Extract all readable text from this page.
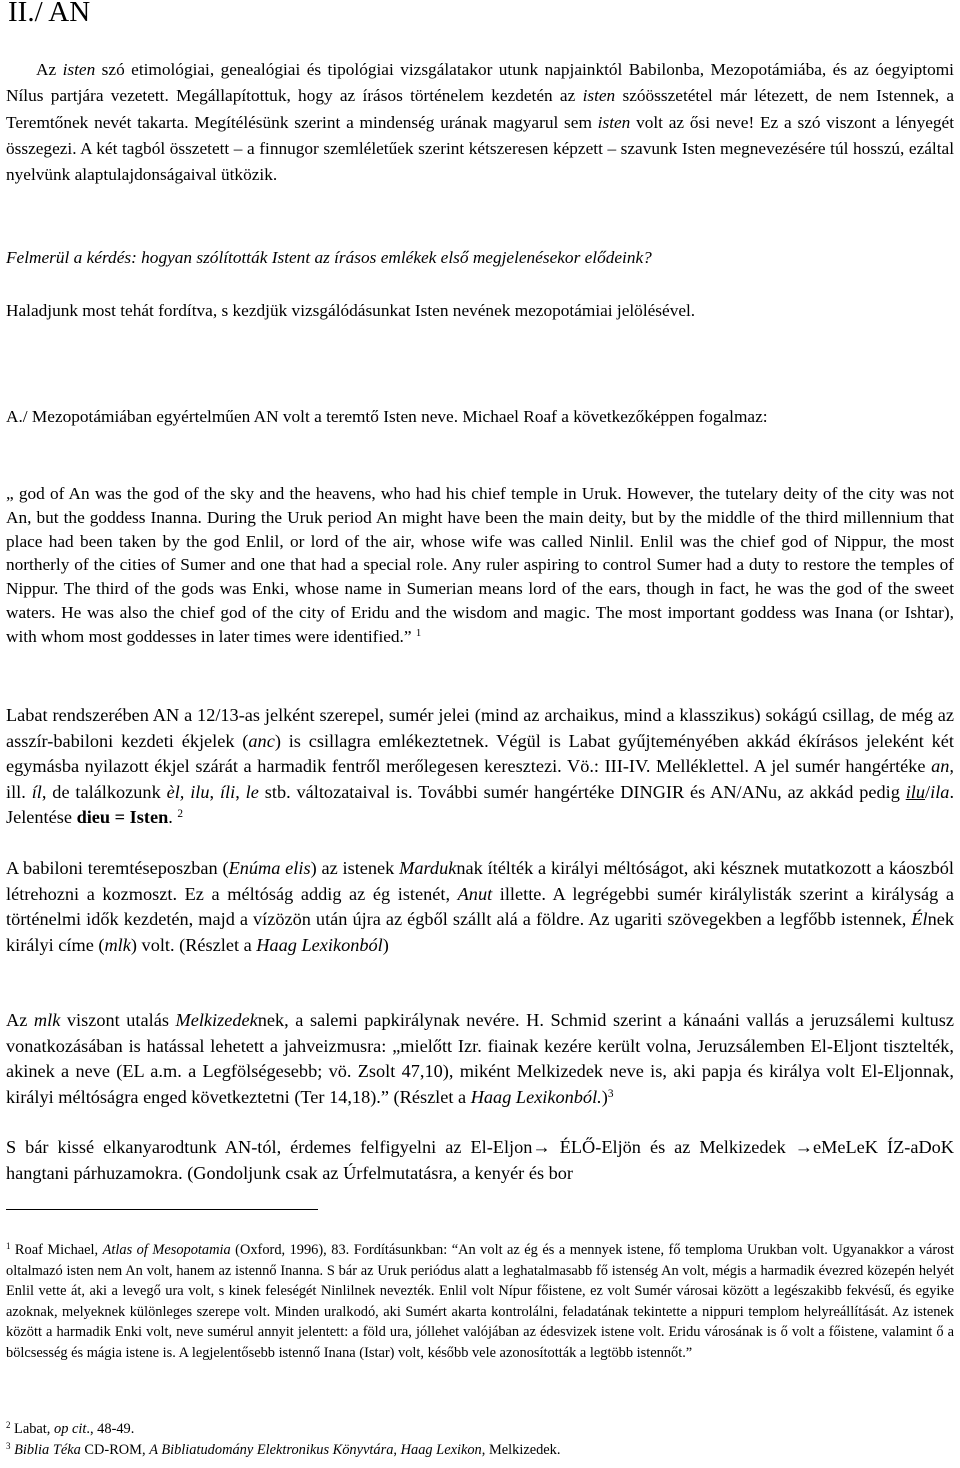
II./ AN

Az isten szó etimológiai, genealógiai és tipológiai vizsgálatakor utunk napjainktól Babilonba, Mezopotámiába, és az óegyiptomi Nílus partjára vezetett. Megállapítottuk, hogy az írásos történelem kezdetén az isten szóösszetétel már létezett, de nem Istennek, a Teremtőnek nevét takarta. Megítélésünk szerint a mindenség urának magyarul sem isten volt az ősi neve! Ez a szó viszont a lényegét összegezi. A két tagból összetett – a finnugor szemléletűek szerint kétszeresen képzett – szavunk Isten megnevezésére túl hosszú, ezáltal nyelvünk alaptulajdonságaival ütközik.

Felmerül a kérdés: hogyan szólították Istent az írásos emlékek első megjelenésekor elődeink?

Haladjunk most tehát fordítva, s kezdjük vizsgálódásunkat Isten nevének mezopotámiai jelölésével.

A./ Mezopotámiában egyértelműen AN volt a teremtő Isten neve. Michael Roaf a következőképpen fogalmaz:

„ god of An was the god of the sky and the heavens, who had his chief temple in Uruk. However, the tutelary deity of the city was not An, but the goddess Inanna. During the Uruk period An might have been the main deity, but by the middle of the third millennium that place had been taken by the god Enlil, or lord of the air, whose wife was called Ninlil. Enlil was the chief god of Nippur, the most northerly of the cities of Sumer and one that had a special role. Any ruler aspiring to control Sumer had a duty to restore the temples of Nippur. The third of the gods was Enki, whose name in Sumerian means lord of the ears, though in fact, he was the god of the sweet waters. He was also the chief god of the city of Eridu and the wisdom and magic. The most important goddess was Inana (or Ishtar), with whom most goddesses in later times were identified.” $^1$

Labat rendszerében AN a 12/13-as jelként szerepel, sumér jelei (mind az archaikus, mind a klasszikus) sokágú csillag, de még az asszír-babiloni kezdeti ékjelek (anc) is csillagra emlékeztetnek. Végül is Labat gyűjteményében akkád ékírásos jeleként két egymásba nyilazott ékjel szárát a harmadik fentről merőlegesen keresztezi. Vö.: III-IV. Melléklettel. A jel sumér hangértéke an, ill. íl, de találkozunk èl, ilu, íli, le stb. változataival is. További sumér hangértéke DINGIR és AN/ANu, az akkád pedig ilu/ila. Jelentése dieu = Isten. $^2$

A babiloni teremtéseposzban (Enúma elis) az istenek Marduknak ítélték a királyi méltóságot, aki késznek mutatkozott a káoszból létrehozni a kozmoszt. Ez a méltóság addig az ég istenét, Anut illette. A legrégebbi sumér királylisták szerint a királyság a történelmi idők kezdetén, majd a vízözön után újra az égből szállt alá a földre. Az ugariti szövegekben a legfőbb istennek, Élnek királyi címe (mlk) volt. (Részlet a Haag Lexikonból)

Az mlk viszont utalás Melkizedeknek, a salemi papkirálynak nevére. H. Schmid szerint a kánaáni vallás a jeruzsálemi kultusz vonatkozásában is hatással lehetett a jahveizmusra: „mielőtt Izr. fiainak kezére került volna, Jeruzsálemben El-Eljont tisztelték, akinek a neve (EL a.m. a Legfölségesebb; vö. Zsolt 47,10), miként Melkizedek neve is, aki papja és királya volt El-Eljonnak, királyi méltóságra enged következtetni (Ter 14,18).” (Részlet a Haag Lexikonból.)$^3$

S bár kissé elkanyarodtunk AN-tól, érdemes felfigyelni az El-Eljon→ ÉLŐ-Eljön és az Melkizedek →eMeLeK ÍZ-aDoK hangtani párhuzamokra. (Gondoljunk csak az Úrfelmutatásra, a kenyér és bor

$^1$ Roaf Michael, Atlas of Mesopotamia (Oxford, 1996), 83. Fordításunkban: “An volt az ég és a mennyek istene, fő temploma Urukban volt. Ugyanakkor a várost oltalmazó isten nem An volt, hanem az istennő Inanna. S bár az Uruk periódus alatt a leghatalmasabb fő istenség An volt, mégis a harmadik évezred közepén helyét Enlil vette át, aki a levegő ura volt, s kinek feleségét Ninlilnek nevezték. Enlil volt Nípur főistene, ez volt Sumér városai között a legészakibb fekvésű, és egyike azoknak, melyeknek különleges szerepe volt. Minden uralkodó, aki Sumért akarta kontrolálni, feladatának tekintette a nippuri templom helyreállítását. Az istenek között a harmadik Enki volt, neve sumérul annyit jelentett: a föld ura, jóllehet valójában az édesvizek istene volt. Eridu városának is ő volt a főistene, valamint ő a bölcsesség és mágia istene is. A legjelentősebb istennő Inana (Istar) volt, később vele azonosították a legtöbb istennőt.”

$^2$ Labat, op cit., 48-49.

$^3$ Biblia Téka CD-ROM, A Bibliatudomány Elektronikus Könyvtára, Haag Lexikon, Melkizedek.
